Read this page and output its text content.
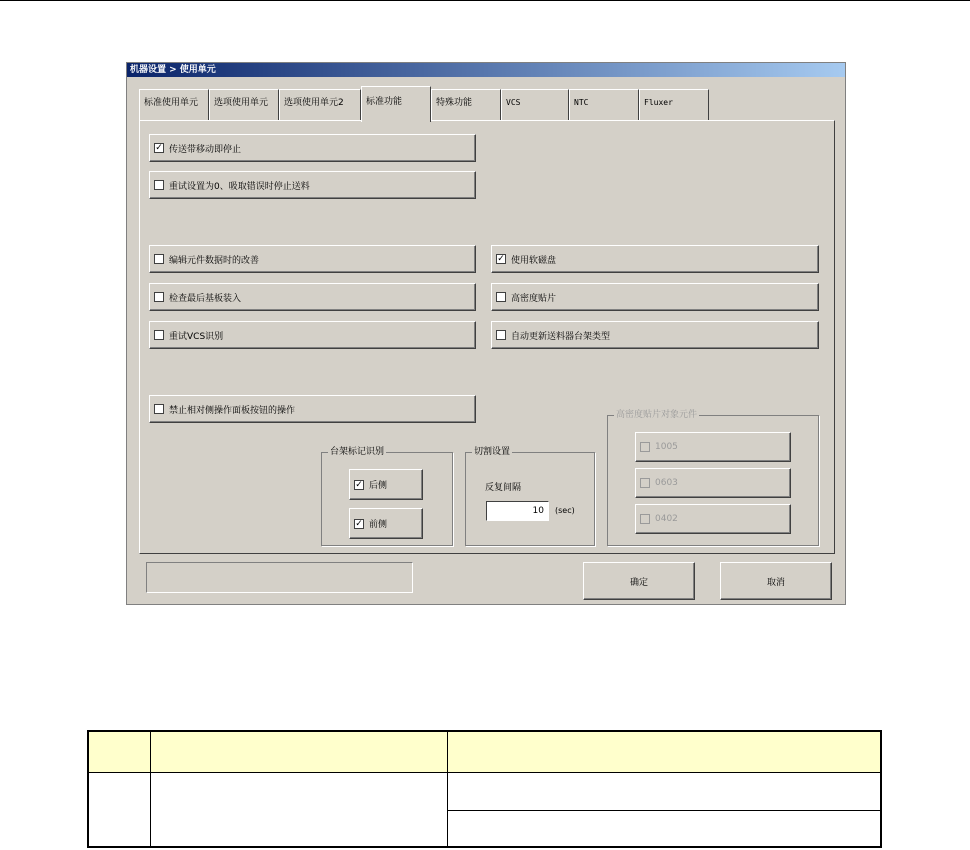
机器设置 > 使用单元
标准使用单元	选项使用单元	选项使用单元2	标准功能	特殊功能	VCS	NTC	Fluxer
✓ 传送带移动即停止
重试设置为0、吸取错误时停止送料
编辑元件数据时的改善
检查最后基板装入
重试VCS识别
禁止相对侧操作面板按钮的操作
✓ 使用软磁盘
高密度贴片
自动更新送料器台架类型
台架标记识别
✓ 后侧
✓ 前侧
切割设置
反复间隔
10	(sec)
高密度贴片对象元件
1005
0603
0402
确定	取消
